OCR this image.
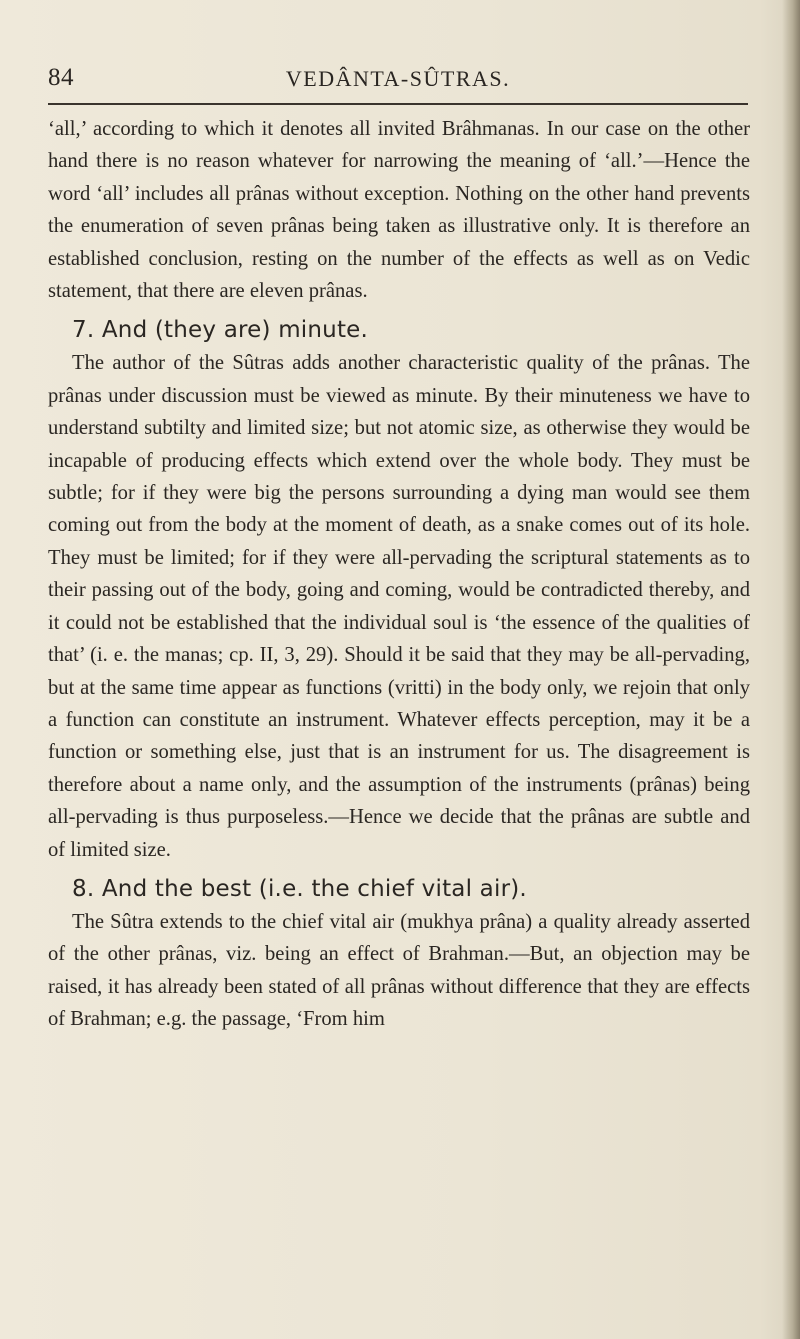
84	VEDÂNTA-SÛTRAS.

‘all,’ according to which it denotes all invited Brâhmanas. In our case on the other hand there is no reason whatever for narrowing the meaning of ‘all.’—Hence the word ‘all’ includes all prânas without exception. Nothing on the other hand prevents the enumeration of seven prânas being taken as illustrative only. It is therefore an established conclusion, resting on the number of the effects as well as on Vedic statement, that there are eleven prânas.

7. And (they are) minute.

The author of the Sûtras adds another characteristic quality of the prânas. The prânas under discussion must be viewed as minute. By their minuteness we have to understand subtilty and limited size; but not atomic size, as otherwise they would be incapable of producing effects which extend over the whole body. They must be subtle; for if they were big the persons surrounding a dying man would see them coming out from the body at the moment of death, as a snake comes out of its hole. They must be limited; for if they were all-pervading the scriptural statements as to their passing out of the body, going and coming, would be contradicted thereby, and it could not be established that the individual soul is ‘the essence of the qualities of that’ (i. e. the manas; cp. II, 3, 29). Should it be said that they may be all-pervading, but at the same time appear as functions (vritti) in the body only, we rejoin that only a function can constitute an instrument. Whatever effects perception, may it be a function or something else, just that is an instrument for us. The disagreement is therefore about a name only, and the assumption of the instruments (prânas) being all-pervading is thus purposeless.—Hence we decide that the prânas are subtle and of limited size.

8. And the best (i.e. the chief vital air).

The Sûtra extends to the chief vital air (mukhya prâna) a quality already asserted of the other prânas, viz. being an effect of Brahman.—But, an objection may be raised, it has already been stated of all prânas without difference that they are effects of Brahman; e.g. the passage, ‘From him
